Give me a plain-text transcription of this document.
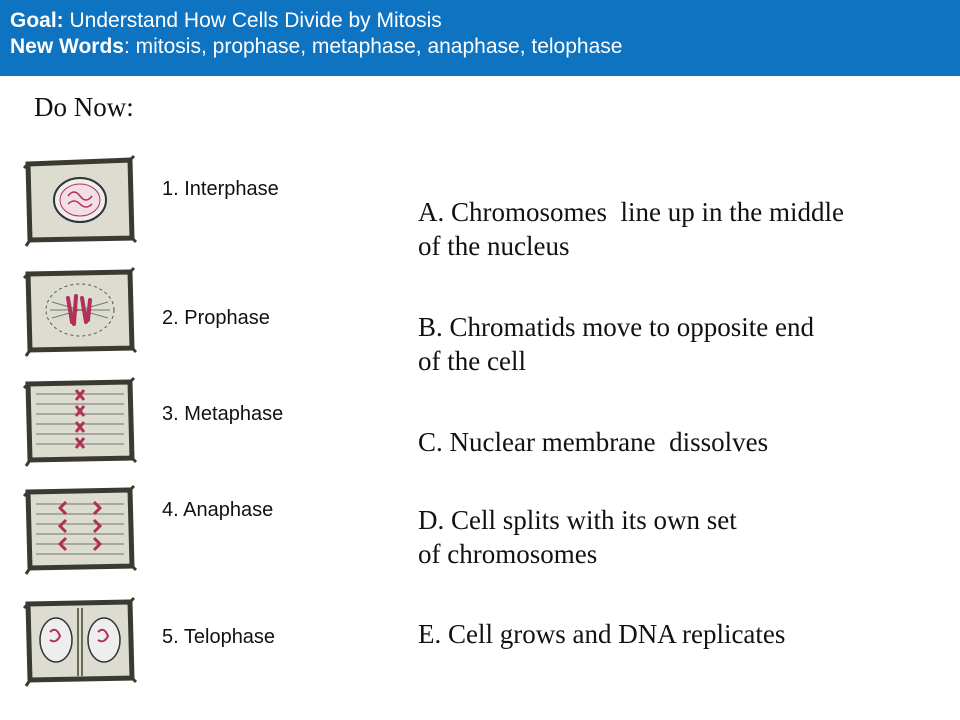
Goal: Understand How Cells Divide by Mitosis
New Words: mitosis, prophase, metaphase, anaphase, telophase
Do Now:
1. Interphase
2. Prophase
3. Metaphase
4. Anaphase
5. Telophase
A. Chromosomes  line up in the middle
of the nucleus
B. Chromatids move to opposite end
of the cell
C. Nuclear membrane  dissolves
D. Cell splits with its own set
of chromosomes
E. Cell grows and DNA replicates
